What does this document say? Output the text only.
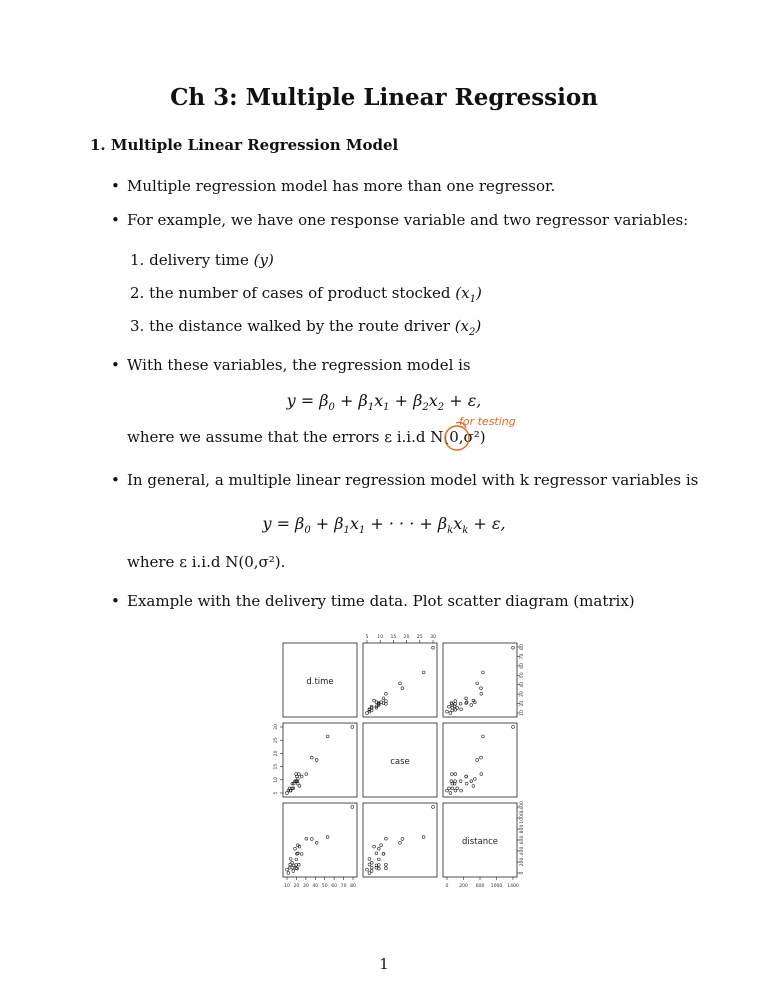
Ch 3: Multiple Linear Regression
1. Multiple Linear Regression Model
• Multiple regression model has more than one regressor.
• For example, we have one response variable and two regressor variables:
1. delivery time (y)
2. the number of cases of product stocked $(x_1)$
3. the distance walked by the route driver $(x_2)$
• With these variables, the regression model is
$y = \beta_0 + \beta_1x_1 + \beta_2x_2 + \varepsilon$,
where we assume that the errors ε i.i.d N(0,σ²)
for testing
• In general, a multiple linear regression model with k regressor variables is
$y = \beta_0 + \beta_1x_1$ + · · · + $\beta_kx_k + \varepsilon$,
where ε i.i.d N(0,σ²).
• Example with the delivery time data. Plot scatter diagram (matrix)
d.time
case
distance
5 10 15 20 25 30
10
20
30
40
50
60
70
80
5
10
15
20
25
30
0
200
400
600
800
1000
1400
10 20 30 40 50 60 70 80	0 200 600 1000 1400
1
